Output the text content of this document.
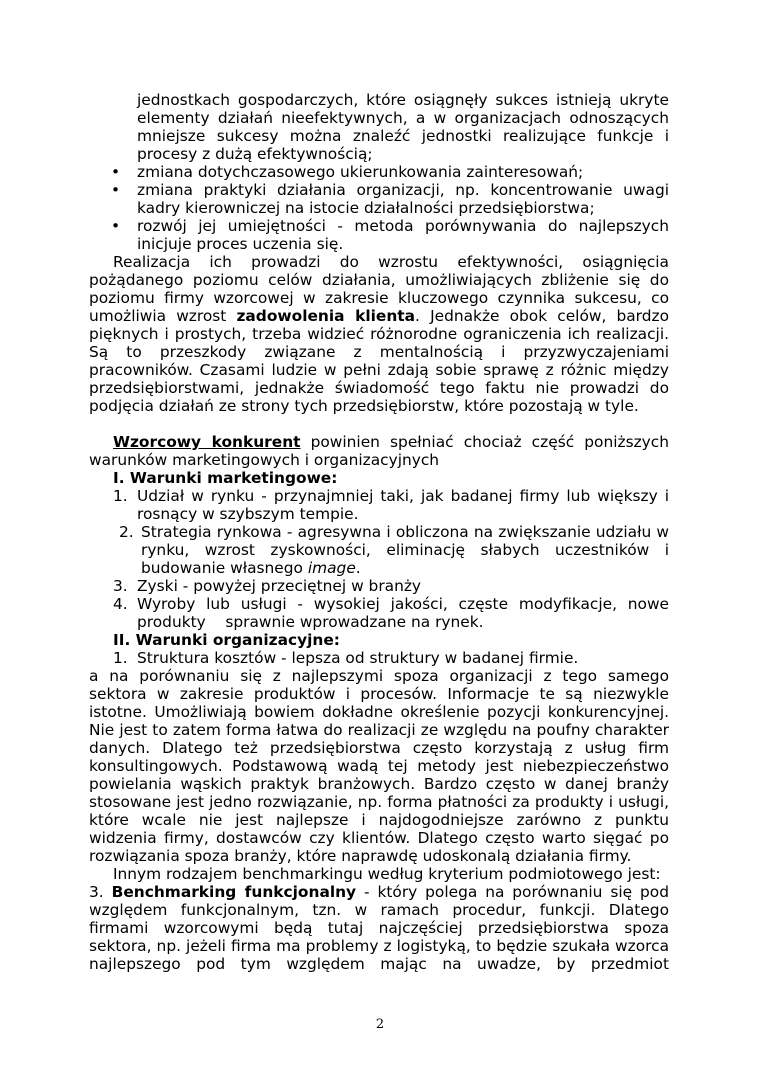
jednostkach gospodarczych, które osiągnęły sukces istnieją ukryte elementy działań nieefektywnych, a w organizacjach odnoszących mniejsze sukcesy można znaleźć jednostki realizujące funkcje i procesy z dużą efektywnością;

• zmiana dotychczasowego ukierunkowania zainteresowań;
• zmiana praktyki działania organizacji, np. koncentrowanie uwagi kadry kierowniczej na istocie działalności przedsiębiorstwa;
• rozwój jej umiejętności - metoda porównywania do najlepszych inicjuje proces uczenia się.

Realizacja ich prowadzi do wzrostu efektywności, osiągnięcia pożądanego poziomu celów działania, umożliwiających zbliżenie się do poziomu firmy wzorcowej w zakresie kluczowego czynnika sukcesu, co umożliwia wzrost zadowolenia klienta. Jednakże obok celów, bardzo pięknych i prostych, trzeba widzieć różnorodne ograniczenia ich realizacji. Są to przeszkody związane z mentalnością i przyzwyczajeniami pracowników. Czasami ludzie w pełni zdają sobie sprawę z różnic między przedsiębiorstwami, jednakże świadomość tego faktu nie prowadzi do podjęcia działań ze strony tych przedsiębiorstw, które pozostają w tyle.

Wzorcowy konkurent powinien spełniać chociaż część poniższych warunków marketingowych i organizacyjnych

I. Warunki marketingowe:
1. Udział w rynku - przynajmniej taki, jak badanej firmy lub większy i rosnący w szybszym tempie.
2. Strategia rynkowa - agresywna i obliczona na zwiększanie udziału w rynku, wzrost zyskowności, eliminację słabych uczestników i budowanie własnego image.
3. Zyski - powyżej przeciętnej w branży
4. Wyroby lub usługi - wysokiej jakości, częste modyfikacje, nowe produkty    sprawnie wprowadzane na rynek.
II. Warunki organizacyjne:
1. Struktura kosztów - lepsza od struktury w badanej firmie.

a na porównaniu się z najlepszymi spoza organizacji z tego samego sektora w zakresie produktów i procesów. Informacje te są niezwykle istotne. Umożliwiają bowiem dokładne określenie pozycji konkurencyjnej. Nie jest to zatem forma łatwa do realizacji ze względu na poufny charakter danych. Dlatego też przedsiębiorstwa często korzystają z usług firm konsultingowych. Podstawową wadą tej metody jest niebezpieczeństwo powielania wąskich praktyk branżowych. Bardzo często w danej branży stosowane jest jedno rozwiązanie, np. forma płatności za produkty i usługi, które wcale nie jest najlepsze i najdogodniejsze zarówno z punktu widzenia firmy, dostawców czy klientów. Dlatego często warto sięgać po rozwiązania spoza branży, które naprawdę udoskonalą działania firmy.

Innym rodzajem benchmarkingu według kryterium podmiotowego jest:

3. Benchmarking funkcjonalny - który polega na porównaniu się pod względem funkcjonalnym, tzn. w ramach procedur, funkcji. Dlatego firmami wzorcowymi będą tutaj najczęściej przedsiębiorstwa spoza sektora, np. jeżeli firma ma problemy z logistyką, to będzie szukała wzorca najlepszego pod tym względem mając na uwadze, by przedmiot

2
